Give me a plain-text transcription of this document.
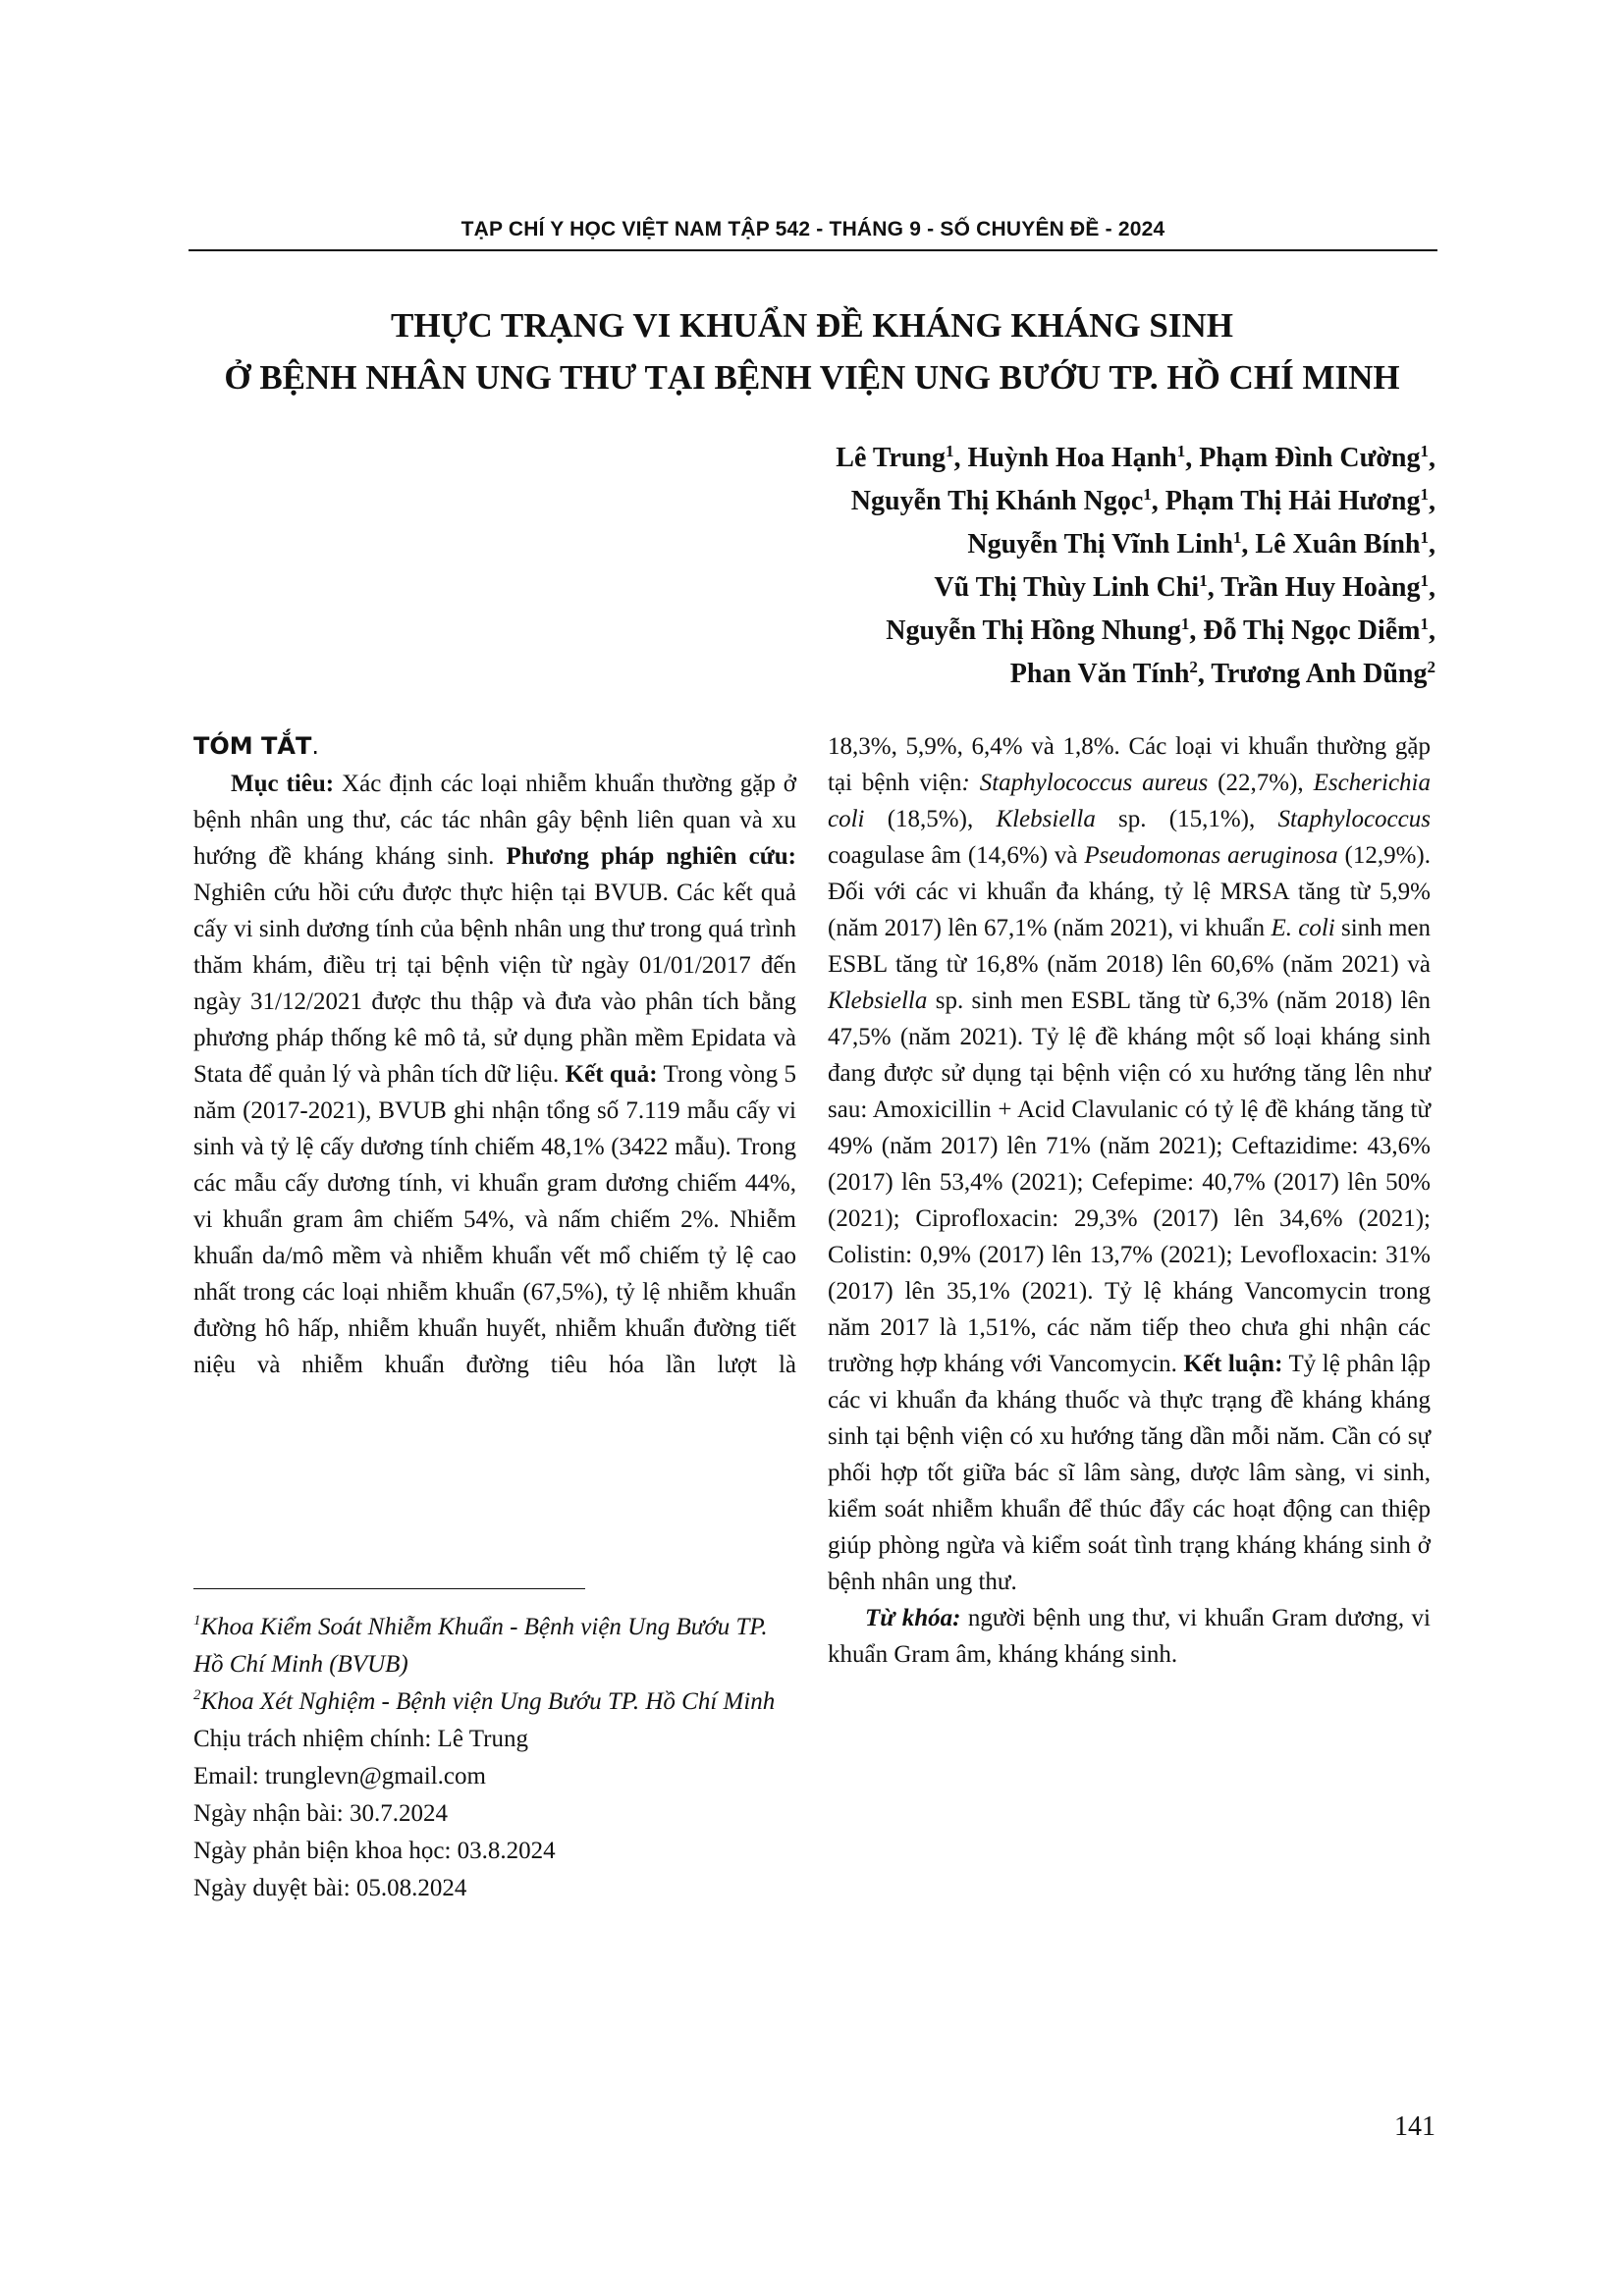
TẠP CHÍ Y HỌC VIỆT NAM TẬP 542 - THÁNG 9 - SỐ CHUYÊN ĐỀ - 2024
THỰC TRẠNG VI KHUẨN ĐỀ KHÁNG KHÁNG SINH
Ở BỆNH NHÂN UNG THƯ TẠI BỆNH VIỆN UNG BƯỚU TP. HỒ CHÍ MINH
Lê Trung$^1$, Huỳnh Hoa Hạnh$^1$, Phạm Đình Cường$^1$,
Nguyễn Thị Khánh Ngọc$^1$, Phạm Thị Hải Hương$^1$,
Nguyễn Thị Vĩnh Linh$^1$, Lê Xuân Bính$^1$,
Vũ Thị Thùy Linh Chi$^1$, Trần Huy Hoàng$^1$,
Nguyễn Thị Hồng Nhung$^1$, Đỗ Thị Ngọc Diễm$^1$,
Phan Văn Tính$^2$, Trương Anh Dũng$^2$
TÓM TẮT.

Mục tiêu: Xác định các loại nhiễm khuẩn thường gặp ở bệnh nhân ung thư, các tác nhân gây bệnh liên quan và xu hướng đề kháng kháng sinh. Phương pháp nghiên cứu: Nghiên cứu hồi cứu được thực hiện tại BVUB. Các kết quả cấy vi sinh dương tính của bệnh nhân ung thư trong quá trình thăm khám, điều trị tại bệnh viện từ ngày 01/01/2017 đến ngày 31/12/2021 được thu thập và đưa vào phân tích bằng phương pháp thống kê mô tả, sử dụng phần mềm Epidata và Stata để quản lý và phân tích dữ liệu. Kết quả: Trong vòng 5 năm (2017-2021), BVUB ghi nhận tổng số 7.119 mẫu cấy vi sinh và tỷ lệ cấy dương tính chiếm 48,1% (3422 mẫu). Trong các mẫu cấy dương tính, vi khuẩn gram dương chiếm 44%, vi khuẩn gram âm chiếm 54%, và nấm chiếm 2%. Nhiễm khuẩn da/mô mềm và nhiễm khuẩn vết mổ chiếm tỷ lệ cao nhất trong các loại nhiễm khuẩn (67,5%), tỷ lệ nhiễm khuẩn đường hô hấp, nhiễm khuẩn huyết, nhiễm khuẩn đường tiết niệu và nhiễm khuẩn đường tiêu hóa lần lượt là

$^1$Khoa Kiểm Soát Nhiễm Khuẩn - Bệnh viện Ung Bướu TP. Hồ Chí Minh (BVUB)

$^2$Khoa Xét Nghiệm - Bệnh viện Ung Bướu TP. Hồ Chí Minh

Chịu trách nhiệm chính: Lê Trung

Email: trunglevn@gmail.com

Ngày nhận bài: 30.7.2024

Ngày phản biện khoa học: 03.8.2024

Ngày duyệt bài: 05.08.2024

18,3%, 5,9%, 6,4% và 1,8%. Các loại vi khuẩn thường gặp tại bệnh viện: Staphylococcus aureus (22,7%), Escherichia coli (18,5%), Klebsiella sp. (15,1%), Staphylococcus coagulase âm (14,6%) và Pseudomonas aeruginosa (12,9%). Đối với các vi khuẩn đa kháng, tỷ lệ MRSA tăng từ 5,9% (năm 2017) lên 67,1% (năm 2021), vi khuẩn E. coli sinh men ESBL tăng từ 16,8% (năm 2018) lên 60,6% (năm 2021) và Klebsiella sp. sinh men ESBL tăng từ 6,3% (năm 2018) lên 47,5% (năm 2021). Tỷ lệ đề kháng một số loại kháng sinh đang được sử dụng tại bệnh viện có xu hướng tăng lên như sau: Amoxicillin + Acid Clavulanic có tỷ lệ đề kháng tăng từ 49% (năm 2017) lên 71% (năm 2021); Ceftazidime: 43,6% (2017) lên 53,4% (2021); Cefepime: 40,7% (2017) lên 50% (2021); Ciprofloxacin: 29,3% (2017) lên 34,6% (2021); Colistin: 0,9% (2017) lên 13,7% (2021); Levofloxacin: 31% (2017) lên 35,1% (2021). Tỷ lệ kháng Vancomycin trong năm 2017 là 1,51%, các năm tiếp theo chưa ghi nhận các trường hợp kháng với Vancomycin. Kết luận: Tỷ lệ phân lập các vi khuẩn đa kháng thuốc và thực trạng đề kháng kháng sinh tại bệnh viện có xu hướng tăng dần mỗi năm. Cần có sự phối hợp tốt giữa bác sĩ lâm sàng, dược lâm sàng, vi sinh, kiểm soát nhiễm khuẩn để thúc đẩy các hoạt động can thiệp giúp phòng ngừa và kiểm soát tình trạng kháng kháng sinh ở bệnh nhân ung thư.

Từ khóa: người bệnh ung thư, vi khuẩn Gram dương, vi khuẩn Gram âm, kháng kháng sinh.

141
